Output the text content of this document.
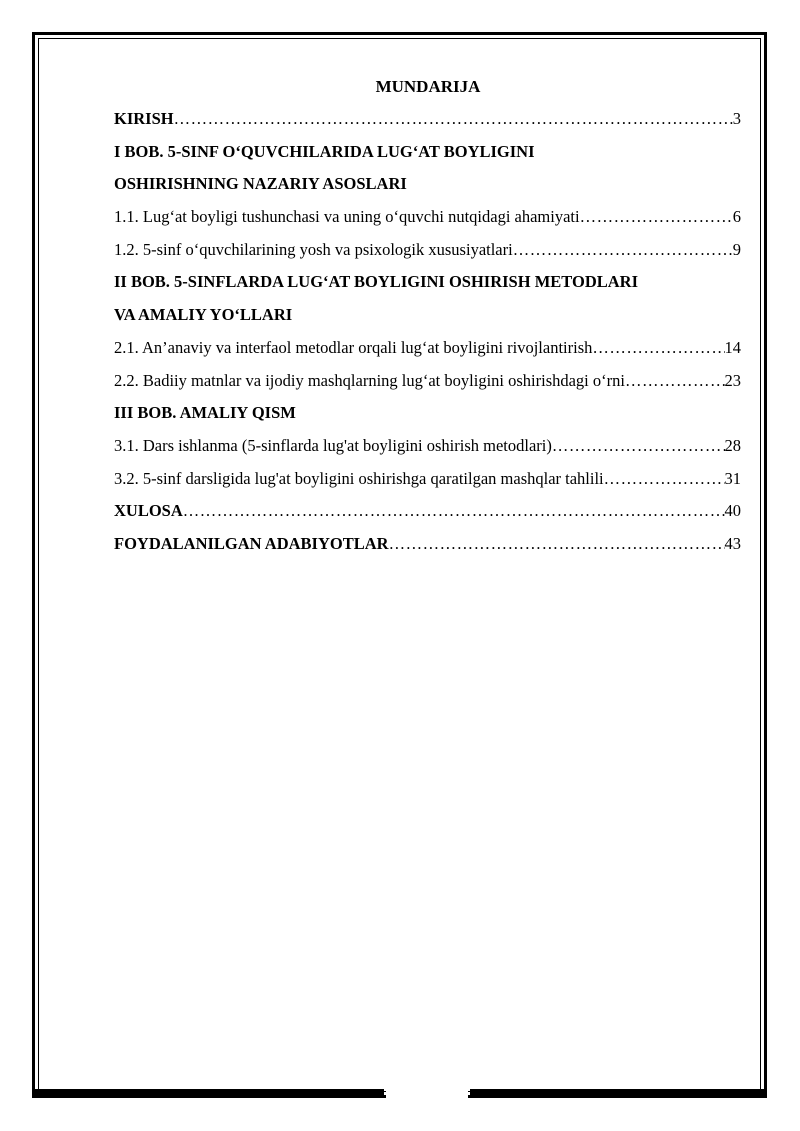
MUNDARIJA
KIRISH ………………………………………………………………………………………………………………………………………………………………	3
I BOB. 5-SINF O‘QUVCHILARIDA LUG‘AT BOYLIGINI
OSHIRISHNING NAZARIY ASOSLARI
1.1. Lug‘at boyligi tushunchasi va uning o‘quvchi nutqidagi ahamiyati ………………………………………………………………………………………………………………………………………………………………	6
1.2. 5-sinf o‘quvchilarining yosh va psixologik xususiyatlari ………………………………………………………………………………………………………………………………………………………………	9
II BOB. 5-SINFLARDA LUG‘AT BOYLIGINI OSHIRISH METODLARI
VA AMALIY YO‘LLARI
2.1. An’anaviy va interfaol metodlar orqali lug‘at boyligini rivojlantirish ………………………………………………………………………………………………………………………………………………………………	14
2.2. Badiiy matnlar va ijodiy mashqlarning lug‘at boyligini oshirishdagi o‘rni ………………………………………………………………………………………………………………………………………………………………	23
III BOB. AMALIY QISM
3.1. Dars ishlanma (5-sinflarda lug'at boyligini oshirish metodlari) ………………………………………………………………………………………………………………………………………………………………	28
3.2. 5-sinf darsligida lug'at boyligini oshirishga qaratilgan mashqlar tahlili ………………………………………………………………………………………………………………………………………………………………	31
XULOSA ………………………………………………………………………………………………………………………………………………………………	40
FOYDALANILGAN ADABIYOTLAR ………………………………………………………………………………………………………………………………………………………………	43
